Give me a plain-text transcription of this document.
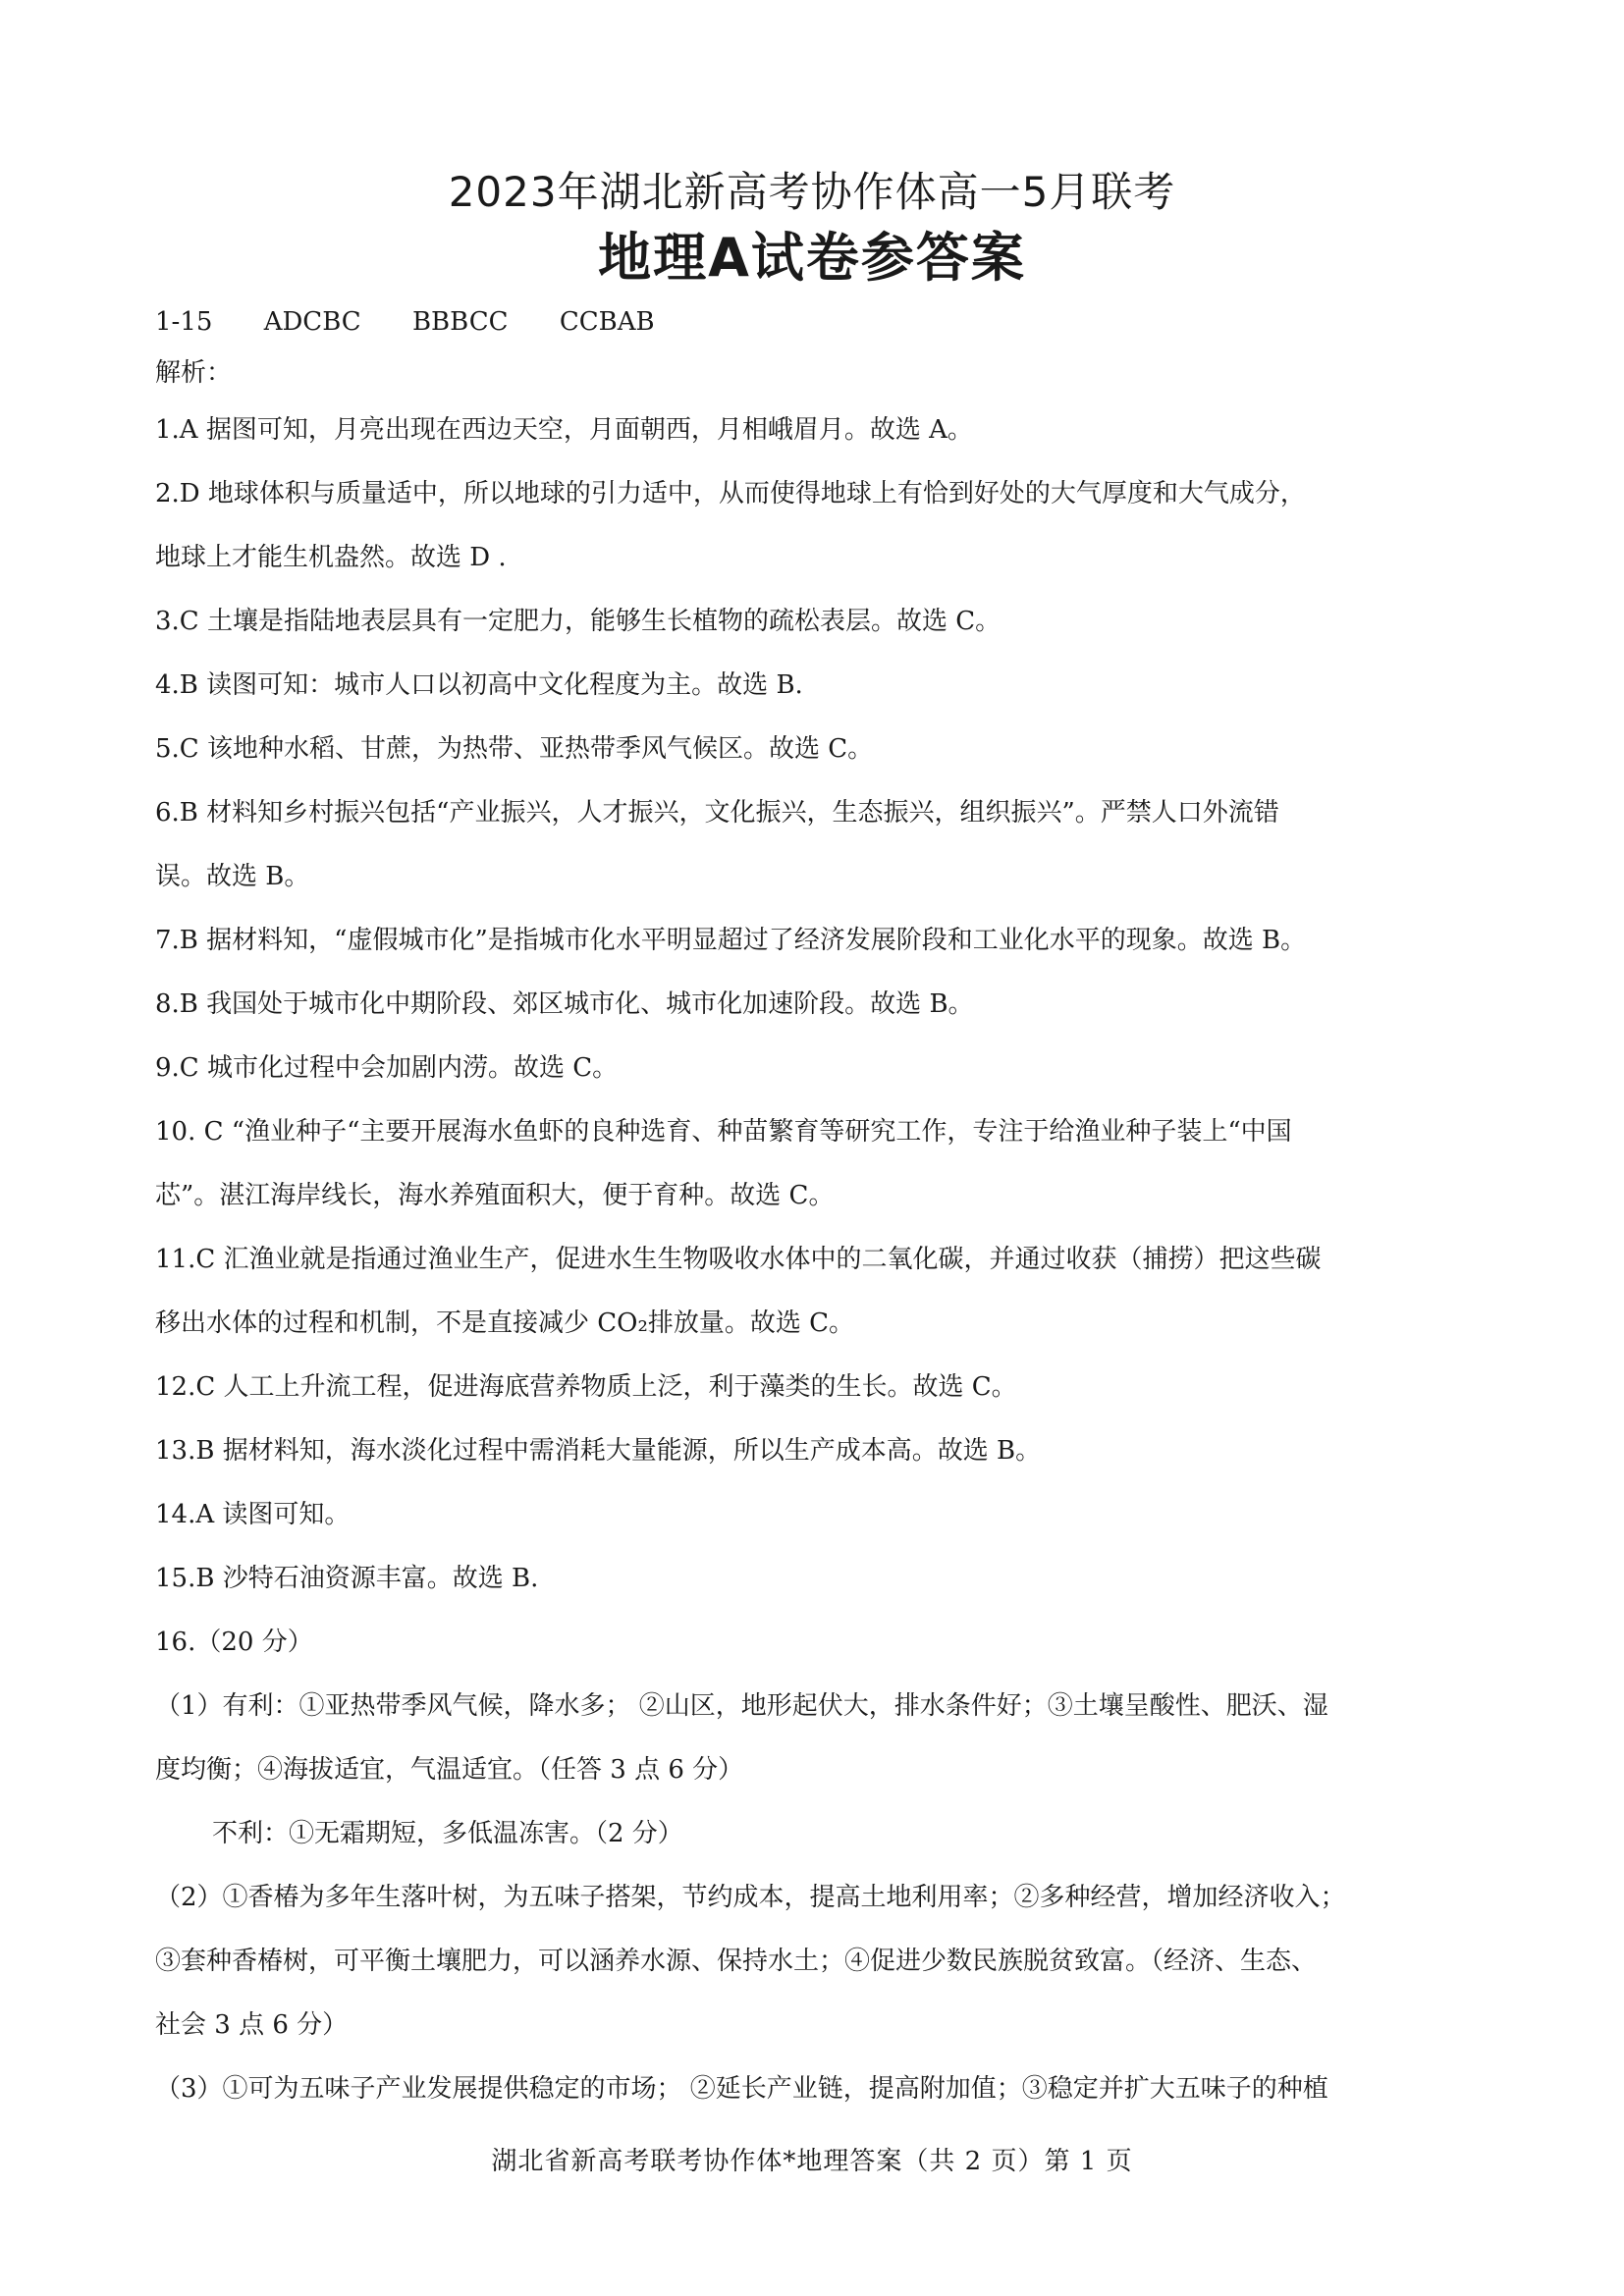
2023年湖北新高考协作体高一5月联考
地理A试卷参答案
1-15 ADCBC BBBCC CCBAB
解析：
1.A 据图可知，月亮出现在西边天空，月面朝西，月相峨眉月。故选 A。
2.D 地球体积与质量适中，所以地球的引力适中，从而使得地球上有恰到好处的大气厚度和大气成分，
地球上才能生机盎然。故选 D .
3.C 土壤是指陆地表层具有一定肥力，能够生长植物的疏松表层。故选 C。
4.B 读图可知：城市人口以初高中文化程度为主。故选 B.
5.C 该地种水稻、甘蔗，为热带、亚热带季风气候区。故选 C。
6.B 材料知乡村振兴包括“产业振兴，人才振兴，文化振兴，生态振兴，组织振兴”。严禁人口外流错
误。故选 B。
7.B 据材料知，“虚假城市化”是指城市化水平明显超过了经济发展阶段和工业化水平的现象。故选 B。
8.B 我国处于城市化中期阶段、郊区城市化、城市化加速阶段。故选 B。
9.C 城市化过程中会加剧内涝。故选 C。
10. C “渔业种子“主要开展海水鱼虾的良种选育、种苗繁育等研究工作，专注于给渔业种子装上“中国
芯”。湛江海岸线长，海水养殖面积大，便于育种。故选 C。
11.C 汇渔业就是指通过渔业生产，促进水生生物吸收水体中的二氧化碳，并通过收获（捕捞）把这些碳
移出水体的过程和机制，不是直接减少 CO₂排放量。故选 C。
12.C 人工上升流工程，促进海底营养物质上泛，利于藻类的生长。故选 C。
13.B 据材料知，海水淡化过程中需消耗大量能源，所以生产成本高。故选 B。
14.A 读图可知。
15.B 沙特石油资源丰富。故选 B.
16.（20 分）
（1）有利：①亚热带季风气候，降水多； ②山区，地形起伏大，排水条件好；③土壤呈酸性、肥沃、湿
度均衡；④海拔适宜，气温适宜。（任答 3 点 6 分）
不利：①无霜期短，多低温冻害。（2 分）
（2）①香椿为多年生落叶树，为五味子搭架，节约成本，提高土地利用率；②多种经营，增加经济收入；
③套种香椿树，可平衡土壤肥力，可以涵养水源、保持水土；④促进少数民族脱贫致富。（经济、生态、
社会 3 点 6 分）
（3）①可为五味子产业发展提供稳定的市场； ②延长产业链，提高附加值；③稳定并扩大五味子的种植
湖北省新高考联考协作体*地理答案（共 2 页）第 1 页
